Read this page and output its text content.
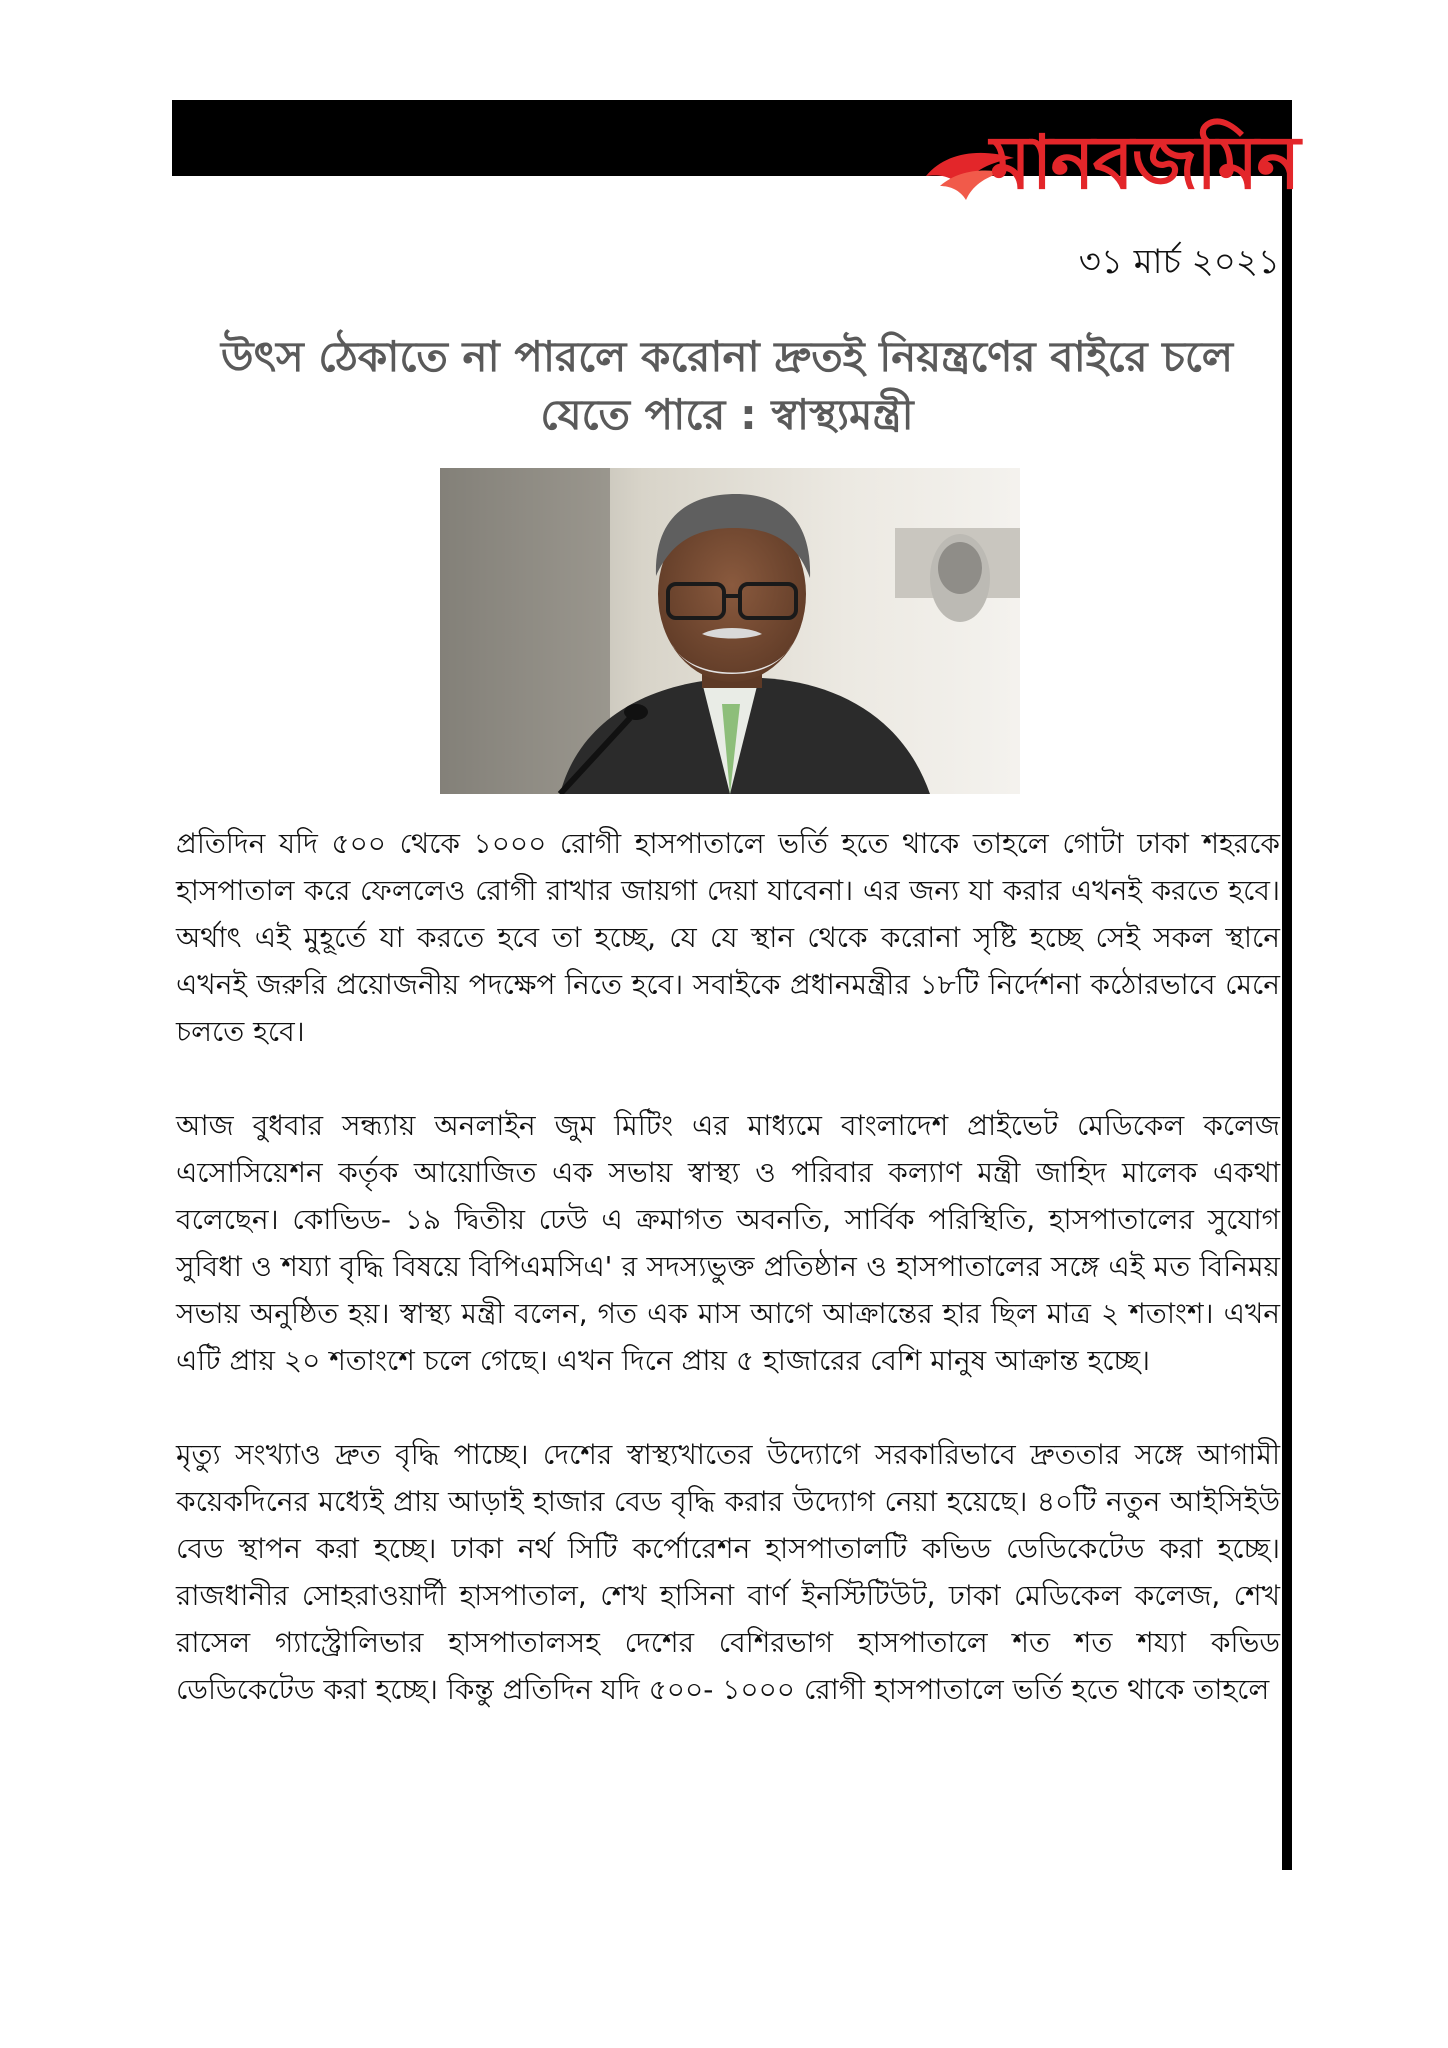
মানবজমিন
৩১ মার্চ ২০২১
উৎস ঠেকাতে না পারলে করোনা দ্রুতই নিয়ন্ত্রণের বাইরে চলে যেতে পারে : স্বাস্থ্যমন্ত্রী

প্রতিদিন যদি ৫০০ থেকে ১০০০ রোগী হাসপাতালে ভর্তি হতে থাকে তাহলে গোটা ঢাকা শহরকে হাসপাতাল করে ফেললেও রোগী রাখার জায়গা দেয়া যাবেনা। এর জন্য যা করার এখনই করতে হবে। অর্থাৎ এই মুহূর্তে যা করতে হবে তা হচ্ছে, যে যে স্থান থেকে করোনা সৃষ্টি হচ্ছে সেই সকল স্থানে এখনই জরুরি প্রয়োজনীয় পদক্ষেপ নিতে হবে। সবাইকে প্রধানমন্ত্রীর ১৮টি নির্দেশনা কঠোরভাবে মেনে চলতে হবে।

আজ বুধবার সন্ধ্যায় অনলাইন জুম মিটিং এর মাধ্যমে বাংলাদেশ প্রাইভেট মেডিকেল কলেজ এসোসিয়েশন কর্তৃক আয়োজিত এক সভায় স্বাস্থ্য ও পরিবার কল্যাণ মন্ত্রী জাহিদ মালেক একথা বলেছেন। কোভিড- ১৯ দ্বিতীয় ঢেউ এ ক্রমাগত অবনতি, সার্বিক পরিস্থিতি, হাসপাতালের সুযোগ সুবিধা ও শয্যা বৃদ্ধি বিষয়ে বিপিএমসিএ' র সদস্যভুক্ত প্রতিষ্ঠান ও হাসপাতালের সঙ্গে এই মত বিনিময় সভায় অনুষ্ঠিত হয়। স্বাস্থ্য মন্ত্রী বলেন, গত এক মাস আগে আক্রান্তের হার ছিল মাত্র ২ শতাংশ। এখন এটি প্রায় ২০ শতাংশে চলে গেছে। এখন দিনে প্রায় ৫ হাজারের বেশি মানুষ আক্রান্ত হচ্ছে।

মৃত্যু সংখ্যাও দ্রুত বৃদ্ধি পাচ্ছে। দেশের স্বাস্থ্যখাতের উদ্যোগে সরকারিভাবে দ্রুততার সঙ্গে আগামী কয়েকদিনের মধ্যেই প্রায় আড়াই হাজার বেড বৃদ্ধি করার উদ্যোগ নেয়া হয়েছে। ৪০টি নতুন আইসিইউ বেড স্থাপন করা হচ্ছে। ঢাকা নর্থ সিটি কর্পোরেশন হাসপাতালটি কভিড ডেডিকেটেড করা হচ্ছে। রাজধানীর সোহরাওয়ার্দী হাসপাতাল, শেখ হাসিনা বার্ণ ইনস্টিটিউট, ঢাকা মেডিকেল কলেজ, শেখ রাসেল গ্যাস্ট্রোলিভার হাসপাতালসহ দেশের বেশিরভাগ হাসপাতালে শত শত শয্যা কভিড ডেডিকেটেড করা হচ্ছে। কিন্তু প্রতিদিন যদি ৫০০- ১০০০ রোগী হাসপাতালে ভর্তি হতে থাকে তাহলে
